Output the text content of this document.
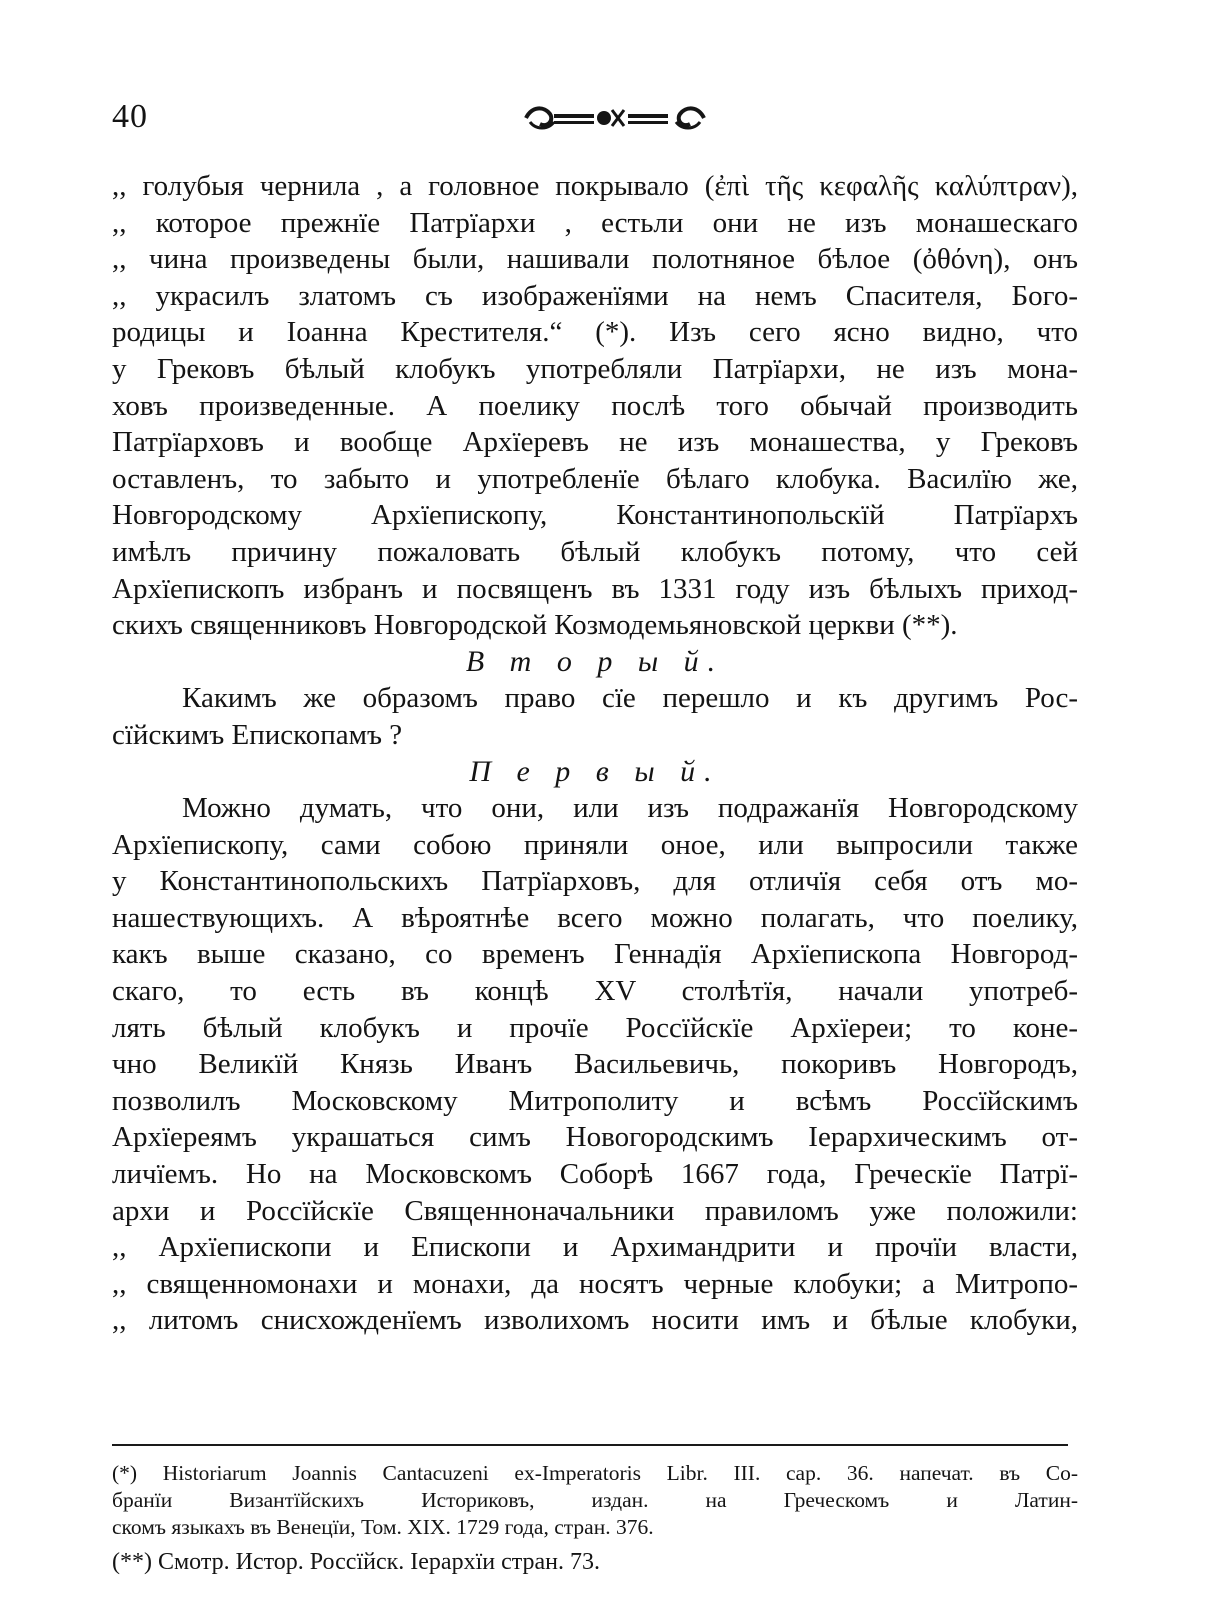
40
,, голубыя чернила , а головное покрывало (ἐπὶ τῆς κεφαλῆς καλύπτραν),
,, которое прежнїе Патрїархи , естьли они не изъ монашескаго
,, чина произведены были, нашивали полотняное бѣлое (ὀθόνη), онъ
,, украсилъ златомъ съ изображенїями на немъ Спасителя, Бого-
родицы и Іоанна Крестителя.“ (*). Изъ сего ясно видно, что
у Грековъ бѣлый клобукъ употребляли Патрїархи, не изъ мона-
ховъ произведенные. А поелику послѣ того обычай производить
Патрїарховъ и вообще Архїеревъ не изъ монашества, у Грековъ
оставленъ, то забыто и употребленїе бѣлаго клобука. Василїю же,
Новгородскому Архїепископу, Константинопольскїй Патрїархъ
имѣлъ причину пожаловать бѣлый клобукъ потому, что сей
Архїепископъ избранъ и посвященъ въ 1331 году изъ бѣлыхъ приход-
скихъ священниковъ Новгородской Козмодемьяновской церкви (**).
В т о р ы й.
Какимъ же образомъ право сїе перешло и къ другимъ Рос-
сїйскимъ Епископамъ ?
П е р в ы й.
Можно думать, что они, или изъ подражанїя Новгородскому
Архїепископу, сами собою приняли оное, или выпросили также
у Константинопольскихъ Патрїарховъ, для отличїя себя отъ мо-
нашествующихъ. А вѣроятнѣе всего можно полагать, что поелику,
какъ выше сказано, со временъ Геннадїя Архїепископа Новгород-
скаго, то есть въ концѣ XV столѣтїя, начали употреб-
лять бѣлый клобукъ и прочїе Россїйскїе Архїереи; то коне-
чно Великїй Князь Иванъ Васильевичь, покоривъ Новгородъ,
позволилъ Московскому Митрополиту и всѣмъ Россїйскимъ
Архїереямъ украшаться симъ Новогородскимъ Іерархическимъ от-
личїемъ. Но на Московскомъ Соборѣ 1667 года, Греческїе Патрї-
архи и Россїйскїе Священноначальники правиломъ уже положили:
,, Архїепископи и Епископи и Архимандрити и прочїи власти,
,, священномонахи и монахи, да носятъ черные клобуки; а Митропо-
,, литомъ снисхожденїемъ изволихомъ носити имъ и бѣлые клобуки,
(*) Historiarum Joannis Cantacuzeni ex-Imperatoris Libr. III. cap. 36. напечат. въ Со-
бранїи Византїйскихъ Историковъ, издан. на Греческомъ и Латин-
скомъ языкахъ въ Венецїи, Том. XIX. 1729 года, стран. 376.
(**) Смотр. Истор. Россїйск. Іерархїи стран. 73.
